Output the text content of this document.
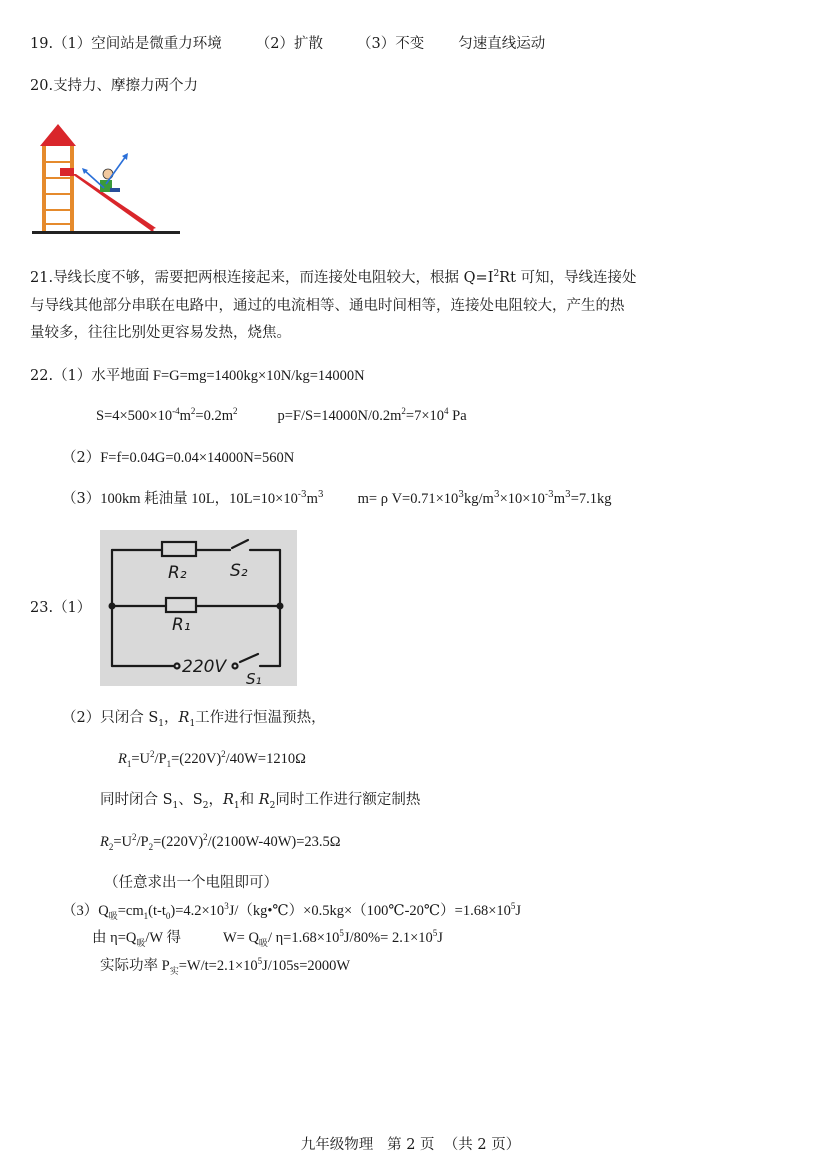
19.（1）空间站是微重力环境 （2）扩散 （3）不变 匀速直线运动
20.支持力、摩擦力两个力
21.导线长度不够，需要把两根连接起来，而连接处电阻较大，根据 $Q=I^2Rt$ 可知，导线连接处
与导线其他部分串联在电路中，通过的电流相等、通电时间相等，连接处电阻较大，产生的热
量较多，往往比别处更容易发热，烧焦。
22.（1）水平地面 F=G=mg=1400kg×10N/kg=14000N
$S=4\times 500\times 10^{-4}m^2=0.2m^2$	$p=F/S=14000N/0.2m^2=7\times 10^4$ Pa
（2）F=f=0.04G=0.04×14000N=560N
（3）100km 耗油量 10L，$10L=10\times 10^{-3}m^3$ m= ρ $V=0.71\times 10^3kg/m^3\times 10\times 10^{-3}m^3=7.1kg$
23.（1）
R₂	S₂
R₁
220V
S₁
（2）只闭合 $S_1$，$R_1$工作进行恒温预热，
$R_1=U^2/P_1=(220V)^2/40W=1210\Omega$
同时闭合 $S_1$、$S_2$，$R_1$和 $R_2$同时工作进行额定制热
$R_2=U^2/P_2=(220V)^2/(2100W-40W)=23.5\Omega$
（任意求出一个电阻即可）
$(3)Q_吸=cm_1(t-t_0)=4.2\times 10^3J/(kg•℃)\times 0.5kg\times(100℃-20℃)=1.68\times 10^5J$
由 $\eta=Q_吸/W$ 得	$W= Q_吸/$ $\eta=1.68\times 10^5J/80\%= 2.1\times 10^5J$
实际功率 $P_实=W/t=2.1\times 10^5J/105s=2000W$
九年级物理   第 2 页  （共 2 页）
